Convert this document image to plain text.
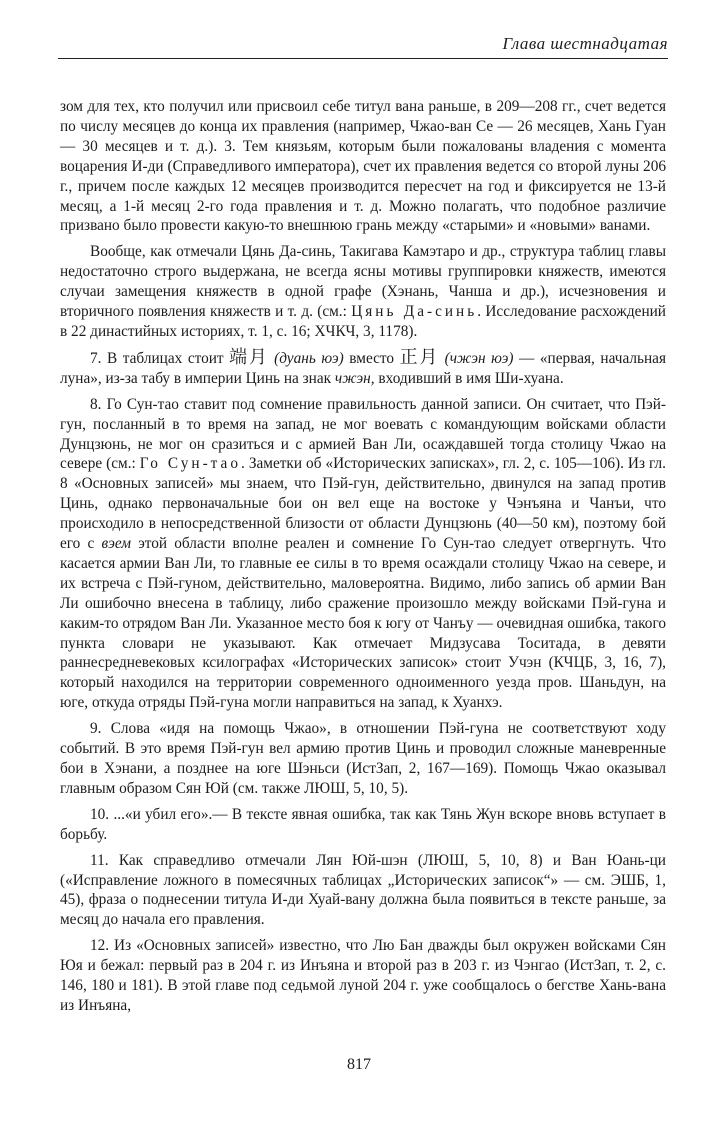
Глава шестнадцатая

зом для тех, кто получил или присвоил себе титул вана раньше, в 209—208 гг., счет ведется по числу месяцев до конца их правления (например, Чжао-ван Се — 26 месяцев, Хань Гуан — 30 месяцев и т. д.). 3. Тем князьям, которым были пожалованы владения с момента воцарения И-ди (Справедливого императора), счет их правления ведется со второй луны 206 г., причем после каждых 12 месяцев производится пересчет на год и фиксируется не 13-й месяц, а 1-й месяц 2-го года правления и т. д. Можно полагать, что подобное различие призвано было провести какую-то внешнюю грань между «старыми» и «новыми» ванами.

Вообще, как отмечали Цянь Да-синь, Такигава Камэтаро и др., структура таблиц главы недостаточно строго выдержана, не всегда ясны мотивы группировки княжеств, имеются случаи замещения княжеств в одной графе (Хэнань, Чанша и др.), исчезновения и вторичного появления княжеств и т. д. (см.: Цянь Да-синь. Исследование расхождений в 22 династийных историях, т. 1, с. 16; ХЧКЧ, 3, 1178).

7. В таблицах стоит 端月 (дуань юэ) вместо 正月 (чжэн юэ) — «первая, начальная луна», из-за табу в империи Цинь на знак чжэн, входивший в имя Ши-хуана.

8. Го Сун-тао ставит под сомнение правильность данной записи. Он считает, что Пэй-гун, посланный в то время на запад, не мог воевать с командующим войсками области Дунцзюнь, не мог он сразиться и с армией Ван Ли, осаждавшей тогда столицу Чжао на севере (см.: Го Сун-тао. Заметки об «Исторических записках», гл. 2, с. 105—106). Из гл. 8 «Основных записей» мы знаем, что Пэй-гун, действительно, двинулся на запад против Цинь, однако первоначальные бои он вел еще на востоке у Чэнъяна и Чанъи, что происходило в непосредственной близости от области Дунцзюнь (40—50 км), поэтому бой его с вэем этой области вполне реален и сомнение Го Сун-тао следует отвергнуть. Что касается армии Ван Ли, то главные ее силы в то время осаждали столицу Чжао на севере, и их встреча с Пэй-гуном, действительно, маловероятна. Видимо, либо запись об армии Ван Ли ошибочно внесена в таблицу, либо сражение произошло между войсками Пэй-гуна и каким-то отрядом Ван Ли. Указанное место боя к югу от Чанъу — очевидная ошибка, такого пункта словари не указывают. Как отмечает Мидзусава Тоситада, в девяти раннесредневековых ксилографах «Исторических записок» стоит Учэн (КЧЦБ, 3, 16, 7), который находился на территории современного одноименного уезда пров. Шаньдун, на юге, откуда отряды Пэй-гуна могли направиться на запад, к Хуанхэ.

9. Слова «идя на помощь Чжао», в отношении Пэй-гуна не соответствуют ходу событий. В это время Пэй-гун вел армию против Цинь и проводил сложные маневренные бои в Хэнани, а позднее на юге Шэньси (ИстЗап, 2, 167—169). Помощь Чжао оказывал главным образом Сян Юй (см. также ЛЮШ, 5, 10, 5).

10. ...«и убил его».— В тексте явная ошибка, так как Тянь Жун вскоре вновь вступает в борьбу.

11. Как справедливо отмечали Лян Юй-шэн (ЛЮШ, 5, 10, 8) и Ван Юань-ци («Исправление ложного в помесячных таблицах „Исторических записок“» — см. ЭШБ, 1, 45), фраза о поднесении титула И-ди Хуай-вану должна была появиться в тексте раньше, за месяц до начала его правления.

12. Из «Основных записей» известно, что Лю Бан дважды был окружен войсками Сян Юя и бежал: первый раз в 204 г. из Инъяна и второй раз в 203 г. из Чэнгао (ИстЗап, т. 2, с. 146, 180 и 181). В этой главе под седьмой луной 204 г. уже сообщалось о бегстве Хань-вана из Инъяна,

817
